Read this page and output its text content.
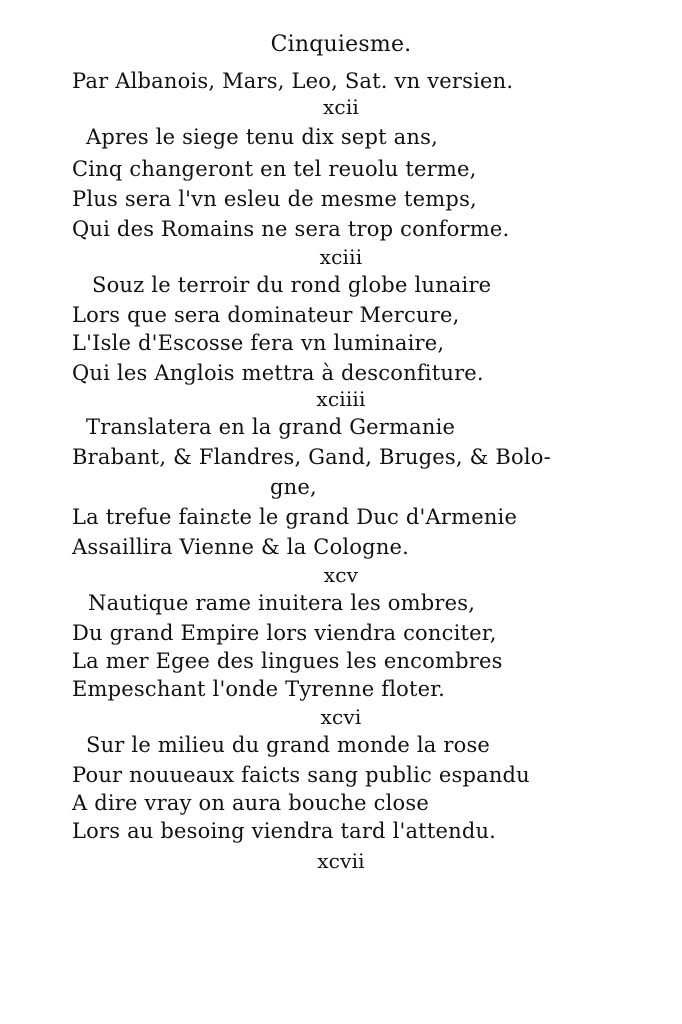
Cinquiesme.
Par Albanois, Mars, Leo, Sat. vn versien.
xcii
Apres le siege tenu dix sept ans,
Cinq changeront en tel reuolu terme,
Plus sera l'vn esleu de mesme temps,
Qui des Romains ne sera trop conforme.
xciii
Souz le terroir du rond globe lunaire
Lors que sera dominateur Mercure,
L'Isle d'Escosse fera vn luminaire,
Qui les Anglois mettra à desconfiture.
xciiii
Translatera en la grand Germanie
Brabant, & Flandres, Gand, Bruges, & Bolo-
gne,
La trefue fainɛte le grand Duc d'Armenie
Assaillira Vienne & la Cologne.
xcv
Nautique rame inuitera les ombres,
Du grand Empire lors viendra conciter,
La mer Egee des lingues les encombres
Empeschant l'onde Tyrenne floter.
xcvi
Sur le milieu du grand monde la rose
Pour nouueaux faicts sang public espandu
A dire vray on aura bouche close
Lors au besoing viendra tard l'attendu.
xcvii
